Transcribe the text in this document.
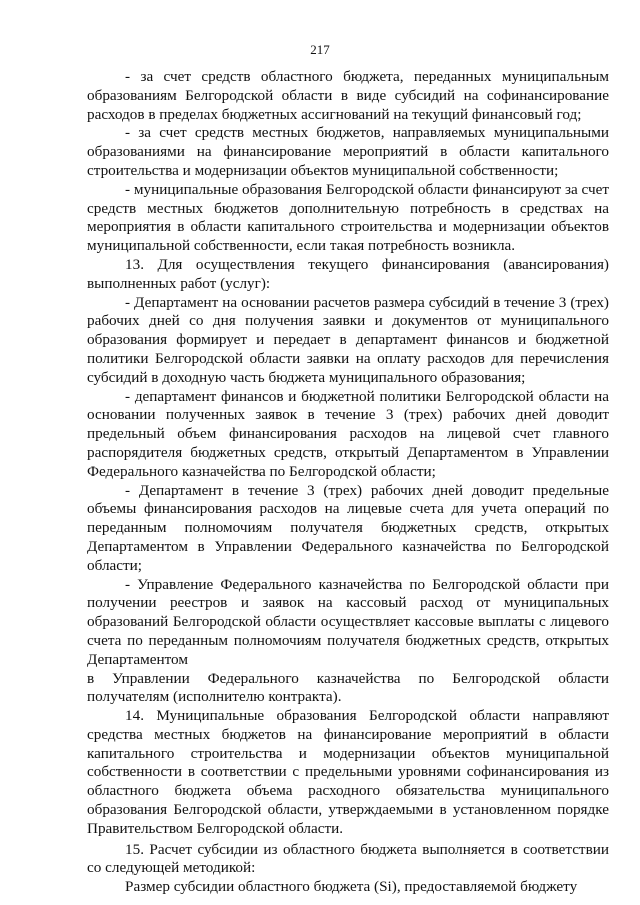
217

- за счет средств областного бюджета, переданных муниципальным образованиям Белгородской области в виде субсидий на софинансирование расходов в пределах бюджетных ассигнований на текущий финансовый год;

- за счет средств местных бюджетов, направляемых муниципальными образованиями на финансирование мероприятий в области капитального строительства и модернизации объектов муниципальной собственности;

- муниципальные образования Белгородской области финансируют за счет средств местных бюджетов дополнительную потребность в средствах на мероприятия в области капитального строительства и модернизации объектов муниципальной собственности, если такая потребность возникла.

13. Для осуществления текущего финансирования (авансирования) выполненных работ (услуг):

- Департамент на основании расчетов размера субсидий в течение 3 (трех) рабочих дней со дня получения заявки и документов от муниципального образования формирует и передает в департамент финансов и бюджетной политики Белгородской области заявки на оплату расходов для перечисления субсидий в доходную часть бюджета муниципального образования;

- департамент финансов и бюджетной политики Белгородской области на основании полученных заявок в течение 3 (трех) рабочих дней доводит предельный объем финансирования расходов на лицевой счет главного распорядителя бюджетных средств, открытый Департаментом в Управлении Федерального казначейства по Белгородской области;

- Департамент в течение 3 (трех) рабочих дней доводит предельные объемы финансирования расходов на лицевые счета для учета операций по переданным полномочиям получателя бюджетных средств, открытых Департаментом в Управлении Федерального казначейства по Белгородской области;

- Управление Федерального казначейства по Белгородской области при получении реестров и заявок на кассовый расход от муниципальных образований Белгородской области осуществляет кассовые выплаты с лицевого счета по переданным полномочиям получателя бюджетных средств, открытых Департаментом

в Управлении Федерального казначейства по Белгородской области получателям (исполнителю контракта).

14. Муниципальные образования Белгородской области направляют средства местных бюджетов на финансирование мероприятий в области капитального строительства и модернизации объектов муниципальной собственности в соответствии с предельными уровнями софинансирования из областного бюджета объема расходного обязательства муниципального образования Белгородской области, утверждаемыми в установленном порядке Правительством Белгородской области.

15. Расчет субсидии из областного бюджета выполняется в соответствии со следующей методикой:

Размер субсидии областного бюджета (Si), предоставляемой бюджету
